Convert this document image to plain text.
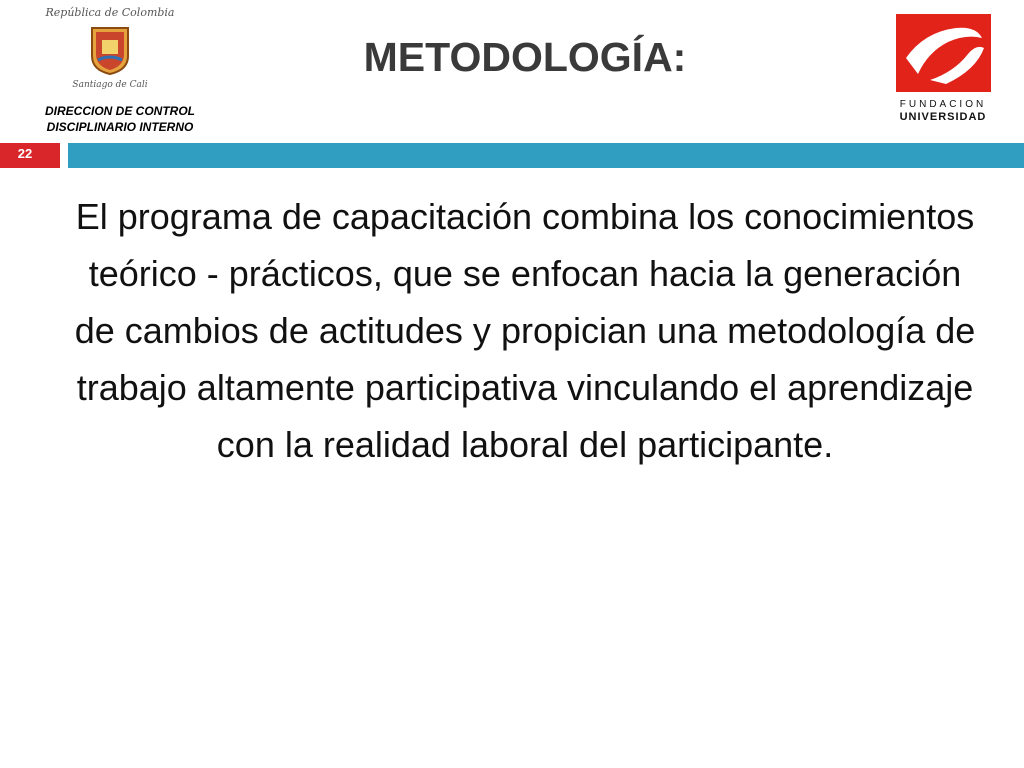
República de Colombia
Santiago de Cali
METODOLOGÍA:
DIRECCION DE CONTROL DISCIPLINARIO INTERNO
FUNDACION
UNIVERSIDAD
22

El programa de capacitación combina los conocimientos teórico - prácticos, que se enfocan hacia la generación de cambios de actitudes y propician una metodología de trabajo altamente participativa vinculando el aprendizaje con la realidad laboral del participante.
